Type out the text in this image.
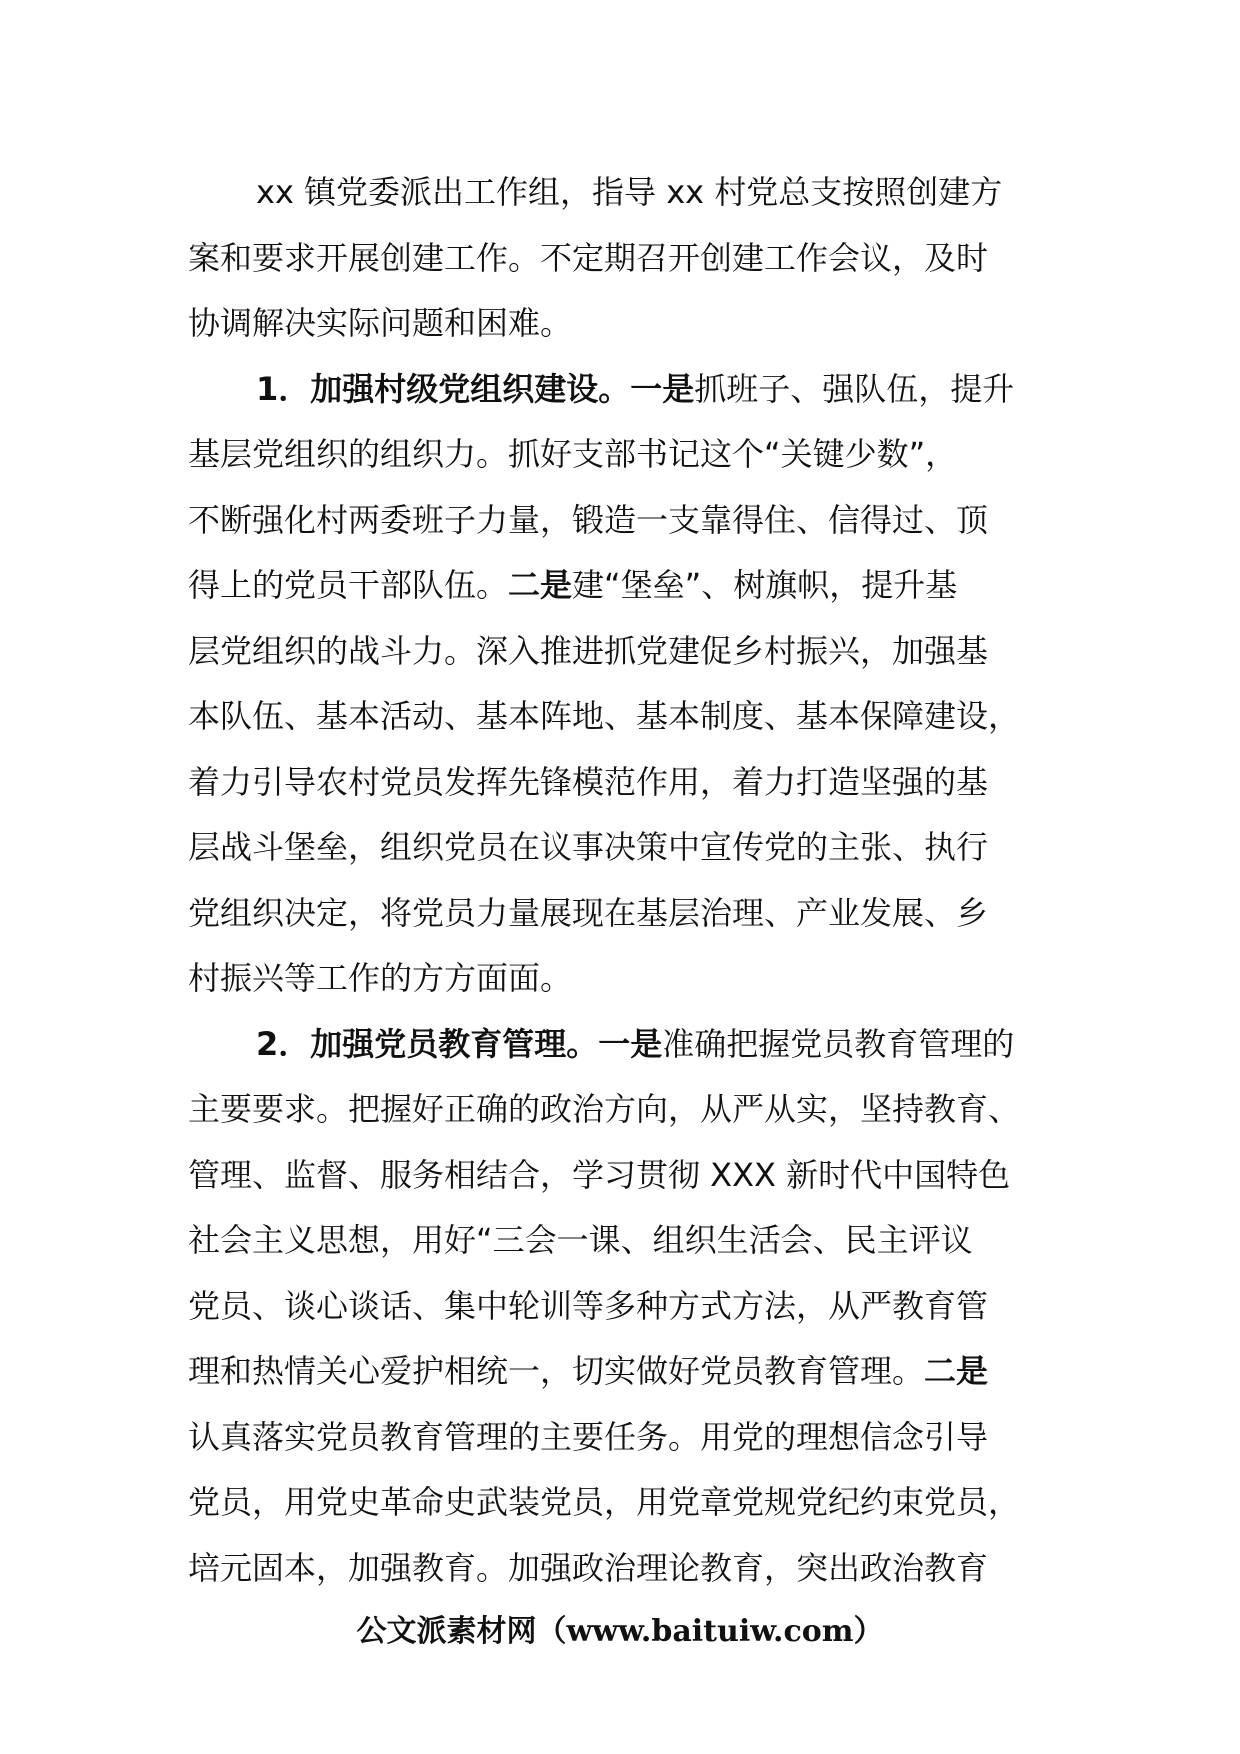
xx 镇党委派出工作组，指导 xx 村党总支按照创建方
案和要求开展创建工作。不定期召开创建工作会议，及时
协调解决实际问题和困难。
1．加强村级党组织建设。一是抓班子、强队伍，提升
基层党组织的组织力。抓好支部书记这个“关键少数”，
不断强化村两委班子力量，锻造一支靠得住、信得过、顶
得上的党员干部队伍。二是建“堡垒”、树旗帜，提升基
层党组织的战斗力。深入推进抓党建促乡村振兴，加强基
本队伍、基本活动、基本阵地、基本制度、基本保障建设，
着力引导农村党员发挥先锋模范作用，着力打造坚强的基
层战斗堡垒，组织党员在议事决策中宣传党的主张、执行
党组织决定，将党员力量展现在基层治理、产业发展、乡
村振兴等工作的方方面面。
2．加强党员教育管理。一是准确把握党员教育管理的
主要要求。把握好正确的政治方向，从严从实，坚持教育、
管理、监督、服务相结合，学习贯彻 XXX 新时代中国特色
社会主义思想，用好“三会一课、组织生活会、民主评议
党员、谈心谈话、集中轮训等多种方式方法，从严教育管
理和热情关心爱护相统一，切实做好党员教育管理。二是
认真落实党员教育管理的主要任务。用党的理想信念引导
党员，用党史革命史武装党员，用党章党规党纪约束党员，
培元固本，加强教育。加强政治理论教育，突出政治教育
公文派素材网（www.baituiw.com）
